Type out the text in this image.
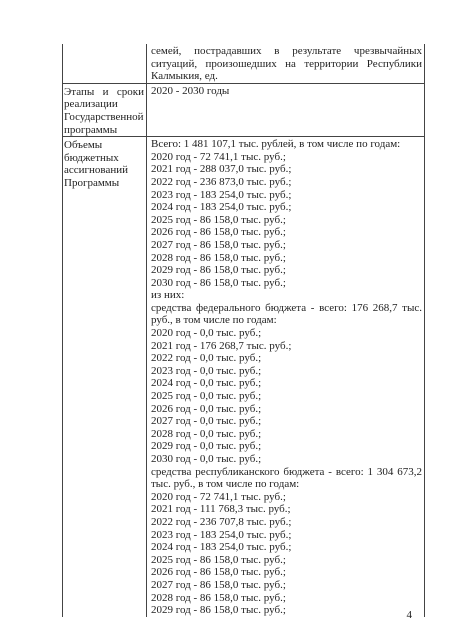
семей, пострадавших в результате чрезвычайных
ситуаций, произошедших на территории Республики
Калмыкия, ед.
Этапы и сроки
реализации
Государственной
программы
2020 - 2030 годы
Объемы
бюджетных
ассигнований
Программы
Всего: 1 481 107,1 тыс. рублей, в том числе по годам:
2020 год - 72 741,1 тыс. руб.;
2021 год - 288 037,0 тыс. руб.;
2022 год - 236 873,0 тыс. руб.;
2023 год - 183 254,0 тыс. руб.;
2024 год - 183 254,0 тыс. руб.;
2025 год - 86 158,0 тыс. руб.;
2026 год - 86 158,0 тыс. руб.;
2027 год - 86 158,0 тыс. руб.;
2028 год - 86 158,0 тыс. руб.;
2029 год - 86 158,0 тыс. руб.;
2030 год - 86 158,0 тыс. руб.;
из них:
средства федерального бюджета - всего: 176 268,7 тыс.
руб., в том числе по годам:
2020 год - 0,0 тыс. руб.;
2021 год - 176 268,7 тыс. руб.;
2022 год - 0,0 тыс. руб.;
2023 год - 0,0 тыс. руб.;
2024 год - 0,0 тыс. руб.;
2025 год - 0,0 тыс. руб.;
2026 год - 0,0 тыс. руб.;
2027 год - 0,0 тыс. руб.;
2028 год - 0,0 тыс. руб.;
2029 год - 0,0 тыс. руб.;
2030 год - 0,0 тыс. руб.;
средства республиканского бюджета - всего: 1 304 673,2
тыс. руб., в том числе по годам:
2020 год - 72 741,1 тыс. руб.;
2021 год - 111 768,3 тыс. руб.;
2022 год - 236 707,8 тыс. руб.;
2023 год - 183 254,0 тыс. руб.;
2024 год - 183 254,0 тыс. руб.;
2025 год - 86 158,0 тыс. руб.;
2026 год - 86 158,0 тыс. руб.;
2027 год - 86 158,0 тыс. руб.;
2028 год - 86 158,0 тыс. руб.;
2029 год - 86 158,0 тыс. руб.;	4
